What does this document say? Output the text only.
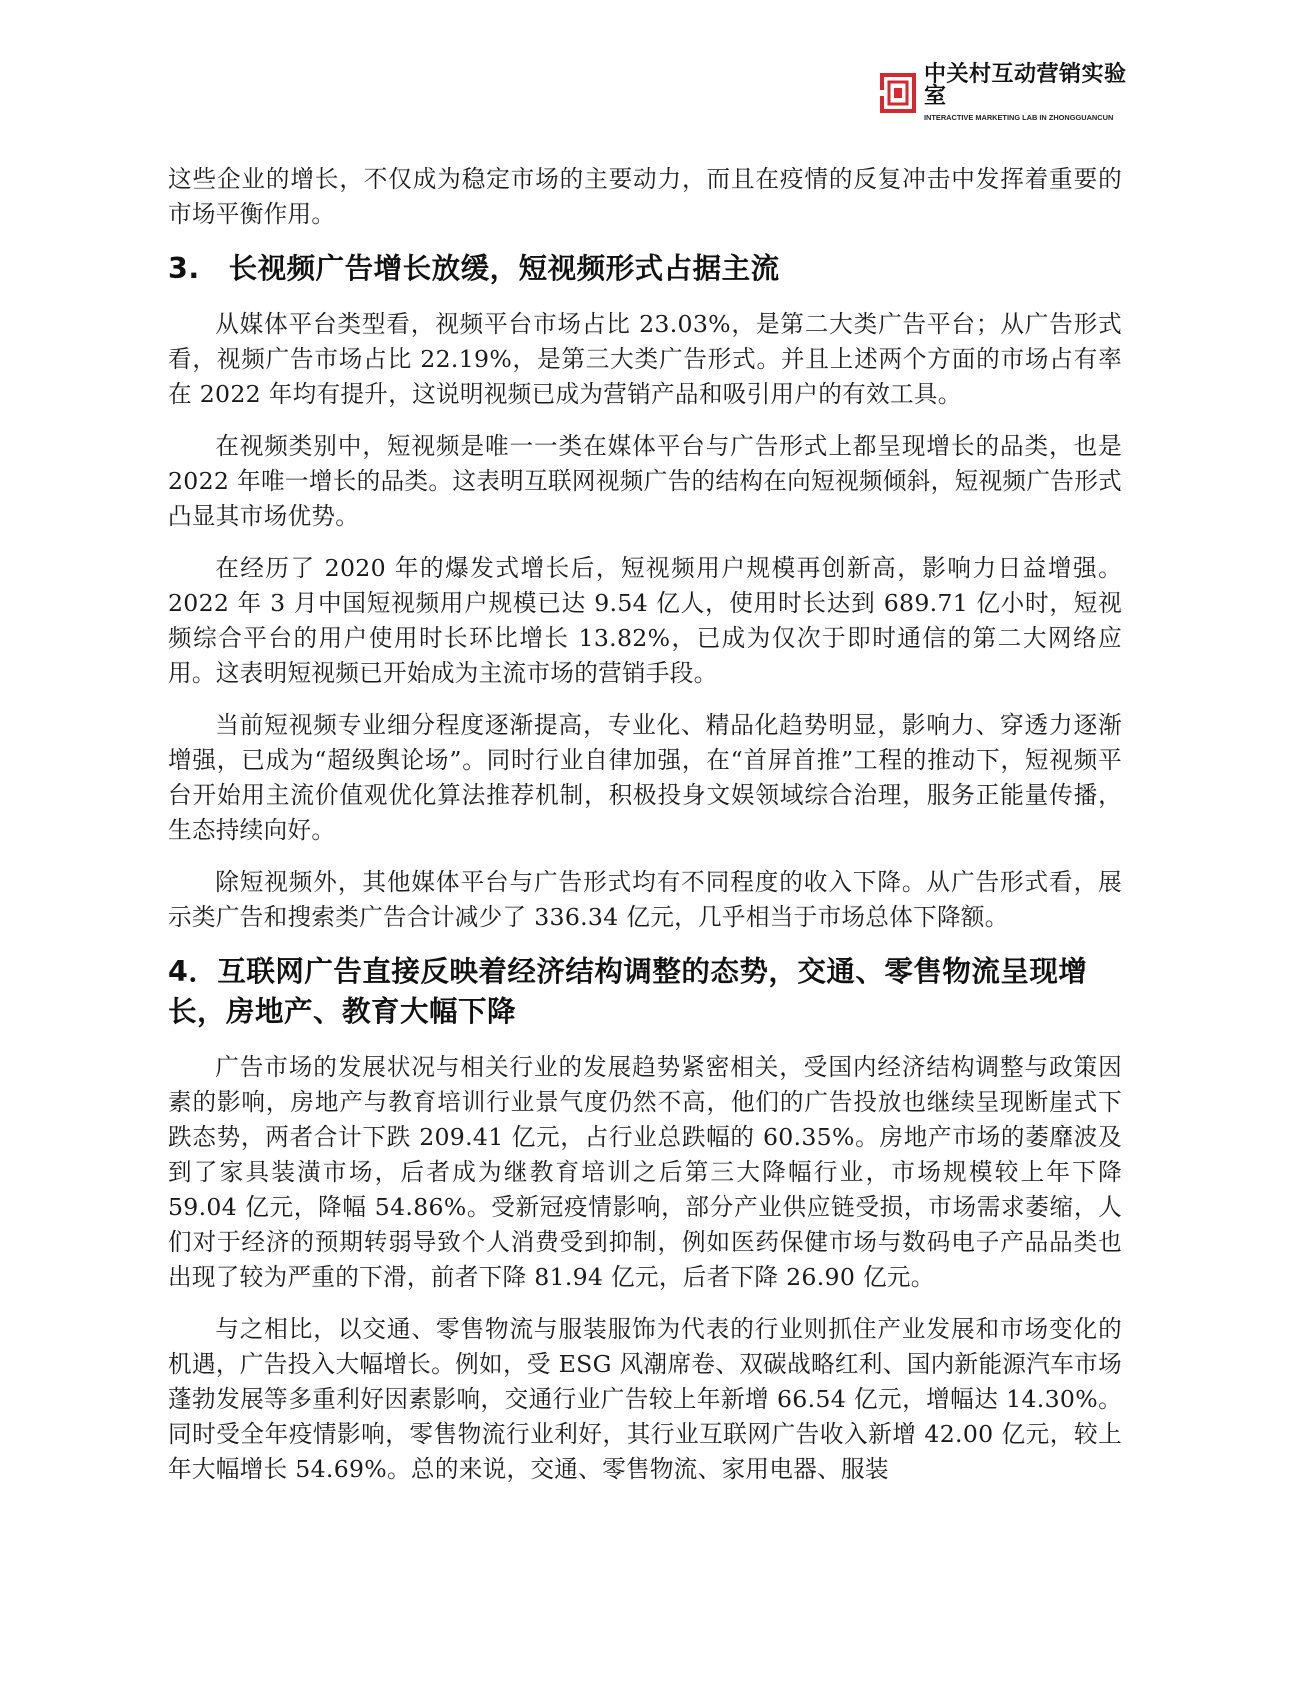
中关村互动营销实验室
INTERACTIVE MARKETING LAB IN ZHONGGUANCUN

这些企业的增长，不仅成为稳定市场的主要动力，而且在疫情的反复冲击中发挥着重要的市场平衡作用。

3.　长视频广告增长放缓，短视频形式占据主流

从媒体平台类型看，视频平台市场占比 23.03%，是第二大类广告平台；从广告形式看，视频广告市场占比 22.19%，是第三大类广告形式。并且上述两个方面的市场占有率在 2022 年均有提升，这说明视频已成为营销产品和吸引用户的有效工具。

在视频类别中，短视频是唯一一类在媒体平台与广告形式上都呈现增长的品类，也是 2022 年唯一增长的品类。这表明互联网视频广告的结构在向短视频倾斜，短视频广告形式凸显其市场优势。

在经历了 2020 年的爆发式增长后，短视频用户规模再创新高，影响力日益增强。2022 年 3 月中国短视频用户规模已达 9.54 亿人，使用时长达到 689.71 亿小时，短视频综合平台的用户使用时长环比增长 13.82%，已成为仅次于即时通信的第二大网络应用。这表明短视频已开始成为主流市场的营销手段。

当前短视频专业细分程度逐渐提高，专业化、精品化趋势明显，影响力、穿透力逐渐增强，已成为“超级舆论场”。同时行业自律加强，在“首屏首推”工程的推动下，短视频平台开始用主流价值观优化算法推荐机制，积极投身文娱领域综合治理，服务正能量传播，生态持续向好。

除短视频外，其他媒体平台与广告形式均有不同程度的收入下降。从广告形式看，展示类广告和搜索类广告合计减少了 336.34 亿元，几乎相当于市场总体下降额。

4．互联网广告直接反映着经济结构调整的态势，交通、零售物流呈现增长，房地产、教育大幅下降

广告市场的发展状况与相关行业的发展趋势紧密相关，受国内经济结构调整与政策因素的影响，房地产与教育培训行业景气度仍然不高，他们的广告投放也继续呈现断崖式下跌态势，两者合计下跌 209.41 亿元，占行业总跌幅的 60.35%。房地产市场的萎靡波及到了家具装潢市场，后者成为继教育培训之后第三大降幅行业，市场规模较上年下降 59.04 亿元，降幅 54.86%。受新冠疫情影响，部分产业供应链受损，市场需求萎缩，人们对于经济的预期转弱导致个人消费受到抑制，例如医药保健市场与数码电子产品品类也出现了较为严重的下滑，前者下降 81.94 亿元，后者下降 26.90 亿元。

与之相比，以交通、零售物流与服装服饰为代表的行业则抓住产业发展和市场变化的机遇，广告投入大幅增长。例如，受 ESG 风潮席卷、双碳战略红利、国内新能源汽车市场蓬勃发展等多重利好因素影响，交通行业广告较上年新增 66.54 亿元，增幅达 14.30%。同时受全年疫情影响，零售物流行业利好，其行业互联网广告收入新增 42.00 亿元，较上年大幅增长 54.69%。总的来说，交通、零售物流、家用电器、服装
